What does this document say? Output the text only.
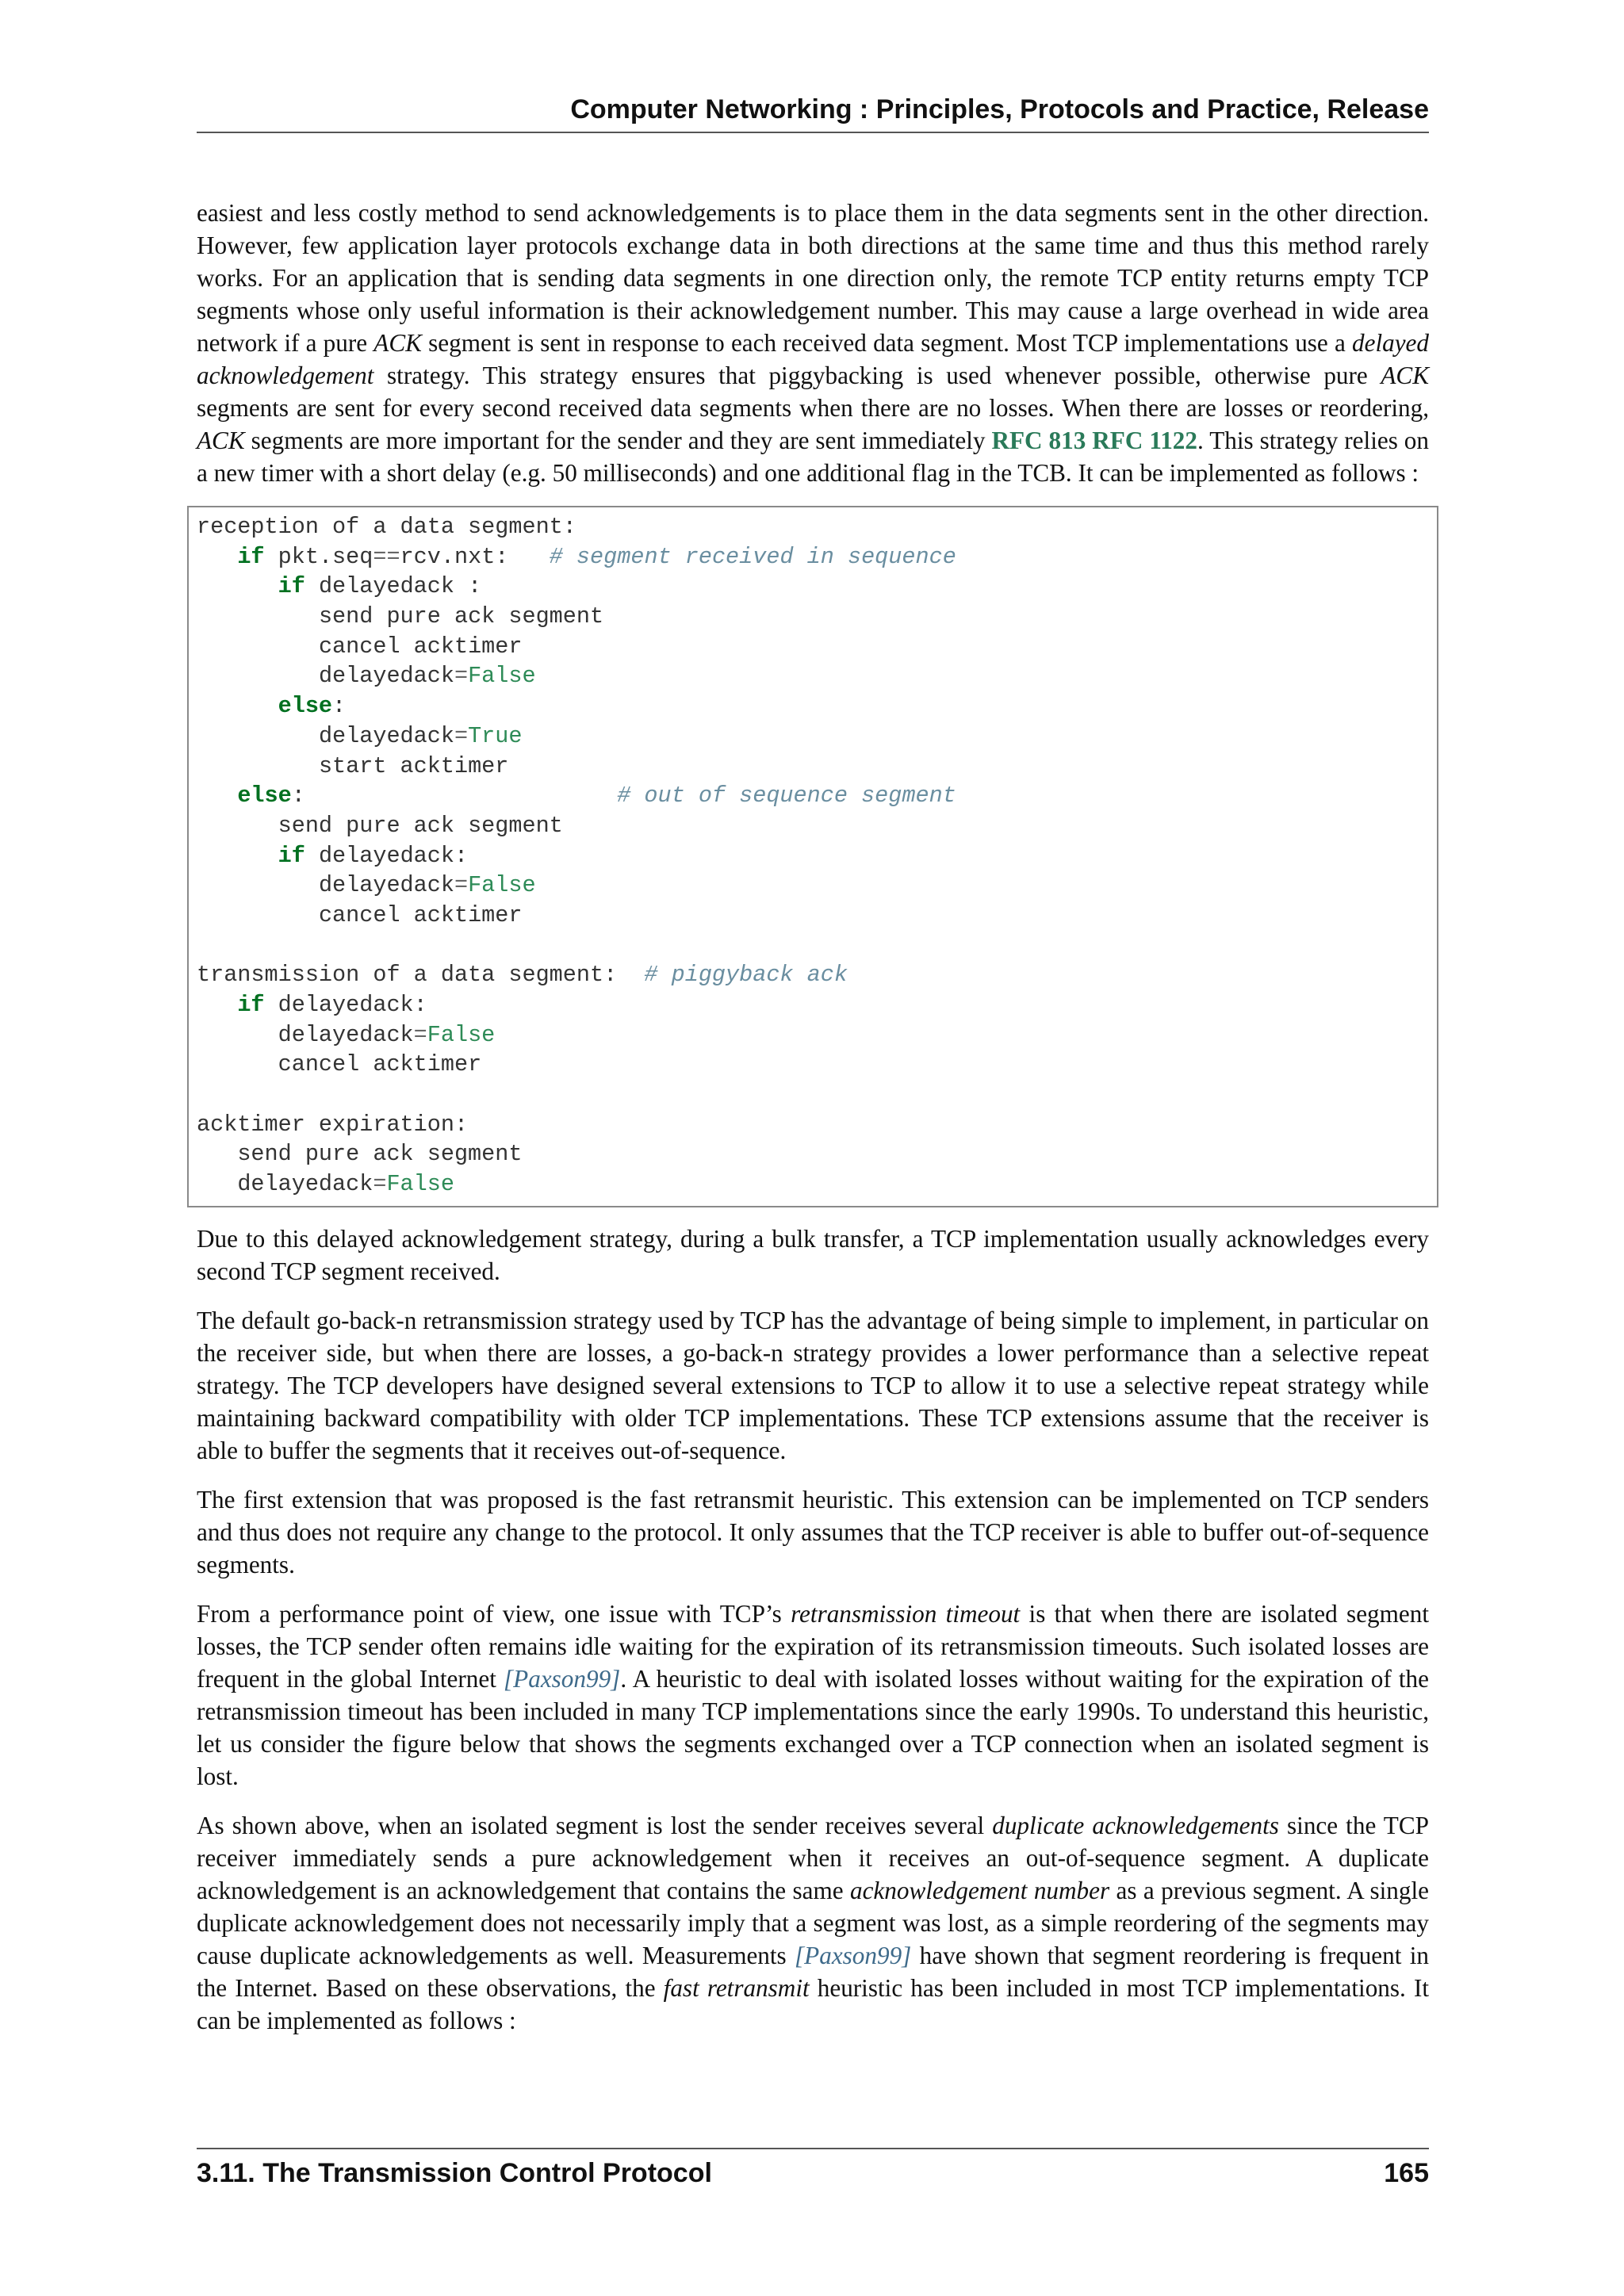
Computer Networking : Principles, Protocols and Practice, Release

easiest and less costly method to send acknowledgements is to place them in the data segments sent in the other direction. However, few application layer protocols exchange data in both directions at the same time and thus this method rarely works. For an application that is sending data segments in one direction only, the remote TCP entity returns empty TCP segments whose only useful information is their acknowledgement number. This may cause a large overhead in wide area network if a pure ACK segment is sent in response to each received data segment. Most TCP implementations use a delayed acknowledgement strategy. This strategy ensures that piggybacking is used whenever possible, otherwise pure ACK segments are sent for every second received data segments when there are no losses. When there are losses or reordering, ACK segments are more important for the sender and they are sent immediately RFC 813 RFC 1122. This strategy relies on a new timer with a short delay (e.g. 50 milliseconds) and one additional flag in the TCB. It can be implemented as follows :

reception of a data segment:
if pkt.seq==rcv.nxt:   # segment received in sequence
if delayedack :
send pure ack segment
cancel acktimer
delayedack=False
else:
delayedack=True
start acktimer
else:                       # out of sequence segment
send pure ack segment
if delayedack:
delayedack=False
cancel acktimer
transmission of a data segment:  # piggyback ack
if delayedack:
delayedack=False
cancel acktimer
acktimer expiration:
send pure ack segment
delayedack=False

Due to this delayed acknowledgement strategy, during a bulk transfer, a TCP implementation usually acknowledges every second TCP segment received.

The default go-back-n retransmission strategy used by TCP has the advantage of being simple to implement, in particular on the receiver side, but when there are losses, a go-back-n strategy provides a lower performance than a selective repeat strategy. The TCP developers have designed several extensions to TCP to allow it to use a selective repeat strategy while maintaining backward compatibility with older TCP implementations. These TCP extensions assume that the receiver is able to buffer the segments that it receives out-of-sequence.

The first extension that was proposed is the fast retransmit heuristic. This extension can be implemented on TCP senders and thus does not require any change to the protocol. It only assumes that the TCP receiver is able to buffer out-of-sequence segments.

From a performance point of view, one issue with TCP’s retransmission timeout is that when there are isolated segment losses, the TCP sender often remains idle waiting for the expiration of its retransmission timeouts. Such isolated losses are frequent in the global Internet [Paxson99]. A heuristic to deal with isolated losses without waiting for the expiration of the retransmission timeout has been included in many TCP implementations since the early 1990s. To understand this heuristic, let us consider the figure below that shows the segments exchanged over a TCP connection when an isolated segment is lost.

As shown above, when an isolated segment is lost the sender receives several duplicate acknowledgements since the TCP receiver immediately sends a pure acknowledgement when it receives an out-of-sequence segment. A duplicate acknowledgement is an acknowledgement that contains the same acknowledgement number as a previous segment. A single duplicate acknowledgement does not necessarily imply that a segment was lost, as a simple reordering of the segments may cause duplicate acknowledgements as well. Measurements [Paxson99] have shown that segment reordering is frequent in the Internet. Based on these observations, the fast retransmit heuristic has been included in most TCP implementations. It can be implemented as follows :

3.11. The Transmission Control Protocol	165
